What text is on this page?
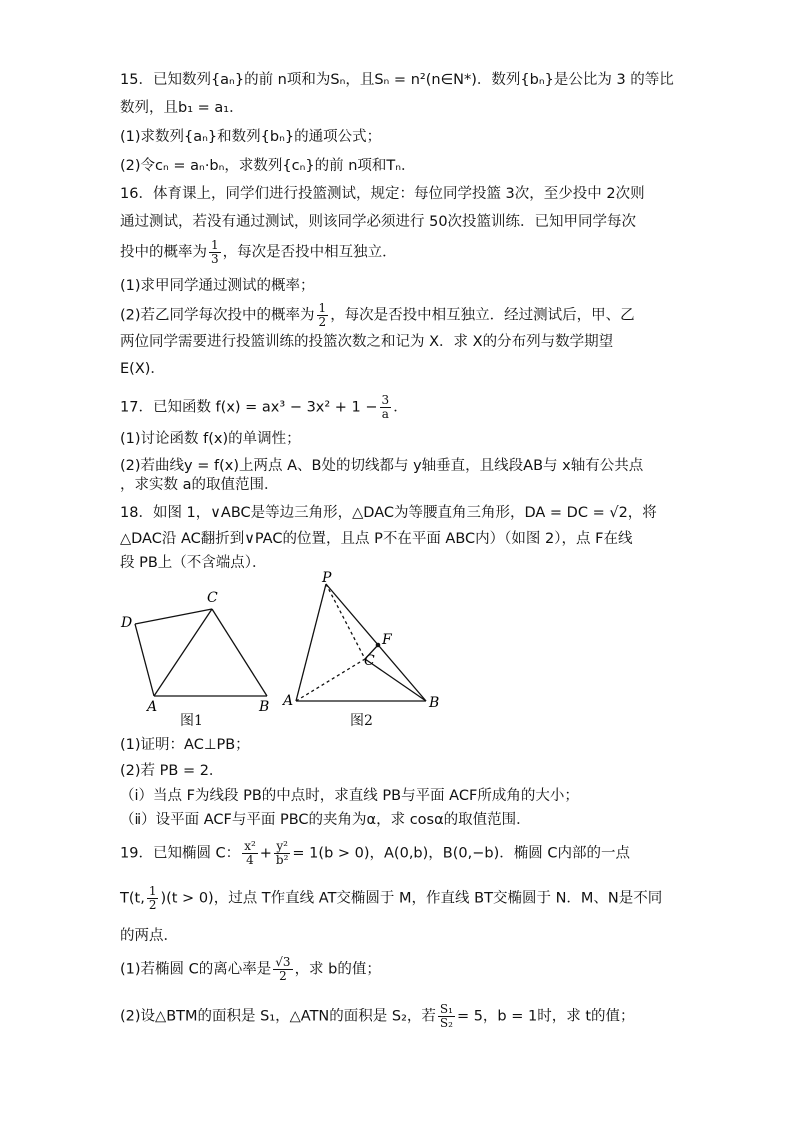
15．已知数列{aₙ}的前 n项和为Sₙ，且Sₙ = n²(n∈N*)．数列{bₙ}是公比为 3 的等比
数列，且b₁ = a₁．
(1)求数列{aₙ}和数列{bₙ}的通项公式；
(2)令cₙ = aₙ·bₙ，求数列{cₙ}的前 n项和Tₙ．
16．体育课上，同学们进行投篮测试，规定：每位同学投篮 3次，至少投中 2次则
通过测试，若没有通过测试，则该同学必须进行 50次投篮训练．已知甲同学每次
投中的概率为 $\frac{1}{3}$ ，每次是否投中相互独立．
(1)求甲同学通过测试的概率；
(2)若乙同学每次投中的概率为 $\frac{1}{2}$ ，每次是否投中相互独立．经过测试后，甲、乙
两位同学需要进行投篮训练的投篮次数之和记为 X．求 X的分布列与数学期望
E(X)．
17．已知函数 $f(x) = ax^3 - 3x^2 + 1 - \frac{3}{a}$ ．
(1)讨论函数 f(x)的单调性；
(2)若曲线y = f(x)上两点 A、B处的切线都与 y轴垂直，且线段AB与 x轴有公共点
，求实数 a的取值范围．
18．如图 1，∨ABC是等边三角形，△DAC为等腰直角三角形，DA = DC = √2，将
△DAC沿 AC翻折到∨PAC的位置，且点 P不在平面 ABC内）（如图 2），点 F在线
段 PB上（不含端点）．
D
C
A	B
图1
P
F
C
A	B
图2
(1)证明：AC⊥PB；
(2)若 PB = 2．
（ⅰ）当点 F为线段 PB的中点时，求直线 PB与平面 ACF所成角的大小；
（ⅱ）设平面 ACF与平面 PBC的夹角为α，求 cosα的取值范围．
19．已知椭圆 C： $\frac{\text{x²}}{4} + \frac{\text{y²}}{\text{b²}} = 1(b > 0)$，A(0,b)，B(0,−b)．椭圆 C内部的一点
T(t, $\frac{1}{2} )(t > 0)$，过点 T作直线 AT交椭圆于 M，作直线 BT交椭圆于 N．M、N是不同
的两点．
(1)若椭圆 C的离心率是 $\frac{√3}{2}$ ，求 b的值；
(2)设△BTM的面积是 S₁，△ATN的面积是 S₂，若 $\frac{\text{S₁}}{\text{S₂}} = 5$，b = 1时，求 t的值；
